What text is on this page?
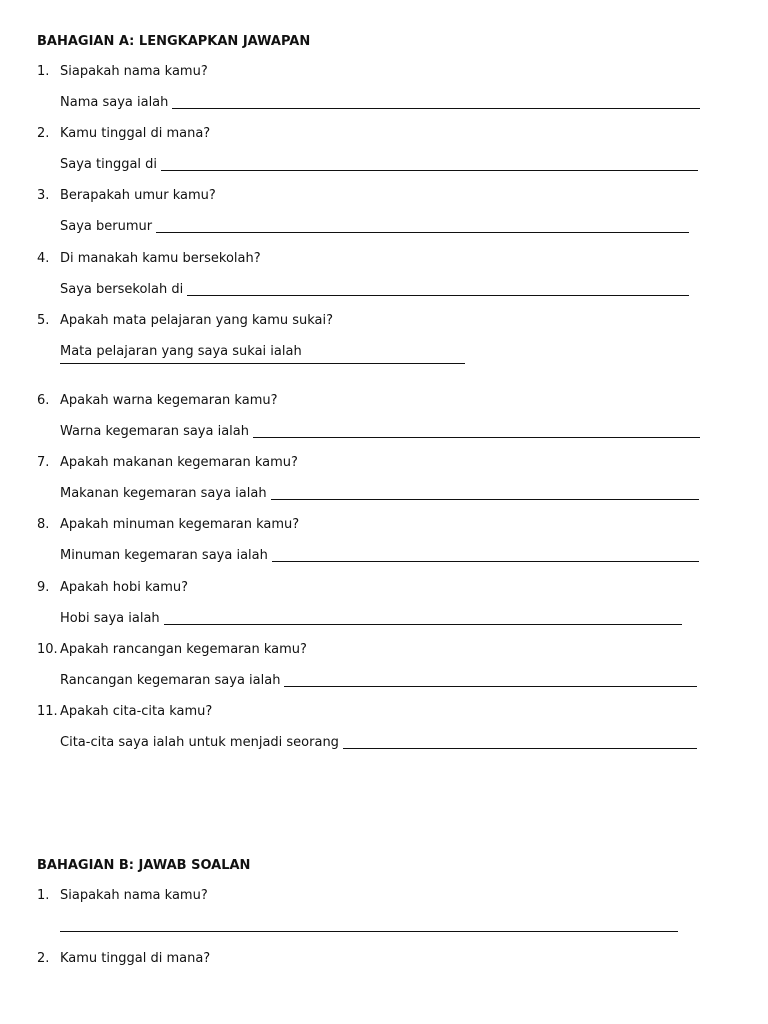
BAHAGIAN A: LENGKAPKAN JAWAPAN
1. Siapakah nama kamu?
Nama saya ialah
2. Kamu tinggal di mana?
Saya tinggal di
3. Berapakah umur kamu?
Saya berumur
4. Di manakah kamu bersekolah?
Saya bersekolah di
5. Apakah mata pelajaran yang kamu sukai?
Mata pelajaran yang saya sukai ialah
6. Apakah warna kegemaran kamu?
Warna kegemaran saya ialah
7. Apakah makanan kegemaran kamu?
Makanan kegemaran saya ialah
8. Apakah minuman kegemaran kamu?
Minuman kegemaran saya ialah
9. Apakah hobi kamu?
Hobi saya ialah
10. Apakah rancangan kegemaran kamu?
Rancangan kegemaran saya ialah
11. Apakah cita-cita kamu?
Cita-cita saya ialah untuk menjadi seorang
BAHAGIAN B: JAWAB SOALAN
1. Siapakah nama kamu?
2. Kamu tinggal di mana?
